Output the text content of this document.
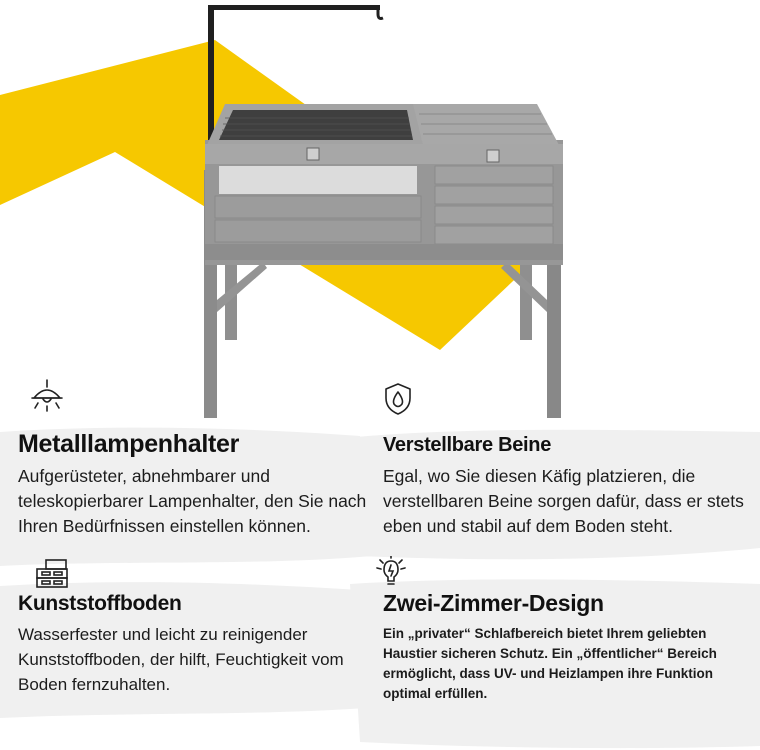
Metalllampenhalter

Aufgerüsteter, abnehmbarer und teleskopierbarer Lampenhalter, den Sie nach Ihren Bedürfnissen einstellen können.

Verstellbare Beine

Egal, wo Sie diesen Käfig platzieren, die verstellbaren Beine sorgen dafür, dass er stets eben und stabil auf dem Boden steht.

Kunststoffboden

Wasserfester und leicht zu reinigender Kunststoffboden, der hilft, Feuchtigkeit vom Boden fernzuhalten.

Zwei-Zimmer-Design

Ein „privater“ Schlafbereich bietet Ihrem geliebten Haustier sicheren Schutz. Ein „öffentlicher“ Bereich ermöglicht, dass UV- und Heizlampen ihre Funktion optimal erfüllen.
